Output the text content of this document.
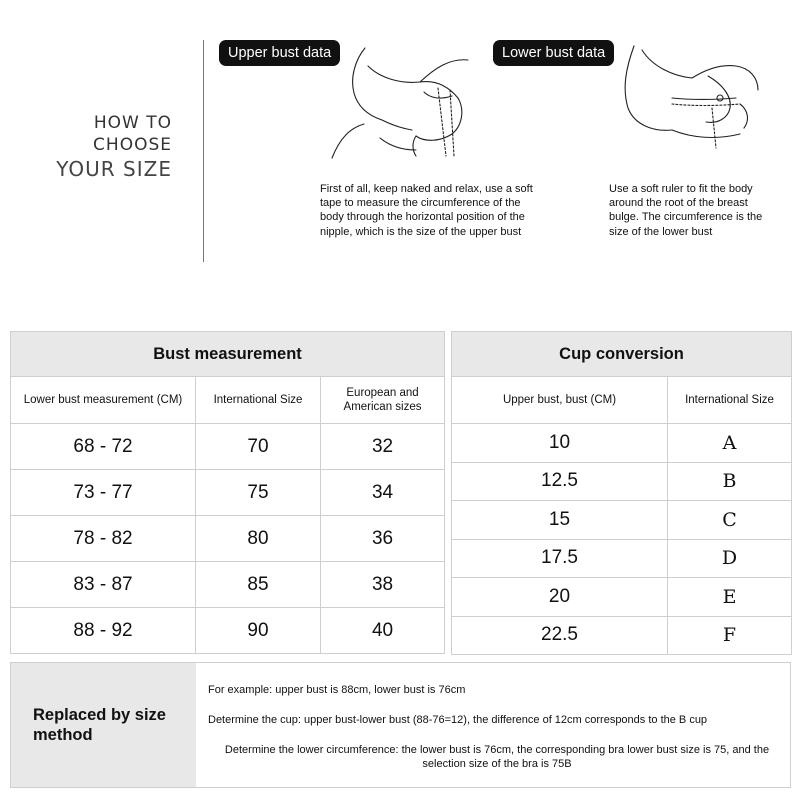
HOW TO
CHOOSE
YOUR SIZE
Upper bust data	Lower bust data
First of all, keep naked and relax, use a soft tape to measure the circumference of the body through the horizontal position of the nipple, which is the size of the upper bust
Use a soft ruler to fit the body around the root of the breast bulge. The circumference is the size of the lower bust
Bust measurement		
Lower bust measurement (CM)	International Size	European and American sizes
68 - 72	70	32
73 - 77	75	34
78 - 82	80	36
83 - 87	85	38
88 - 92	90	40
Cup conversion	
Upper bust, bust (CM)	International Size
10	A
12.5	B
15	C
17.5	D
20	E
22.5	F
Replaced by size method
For example: upper bust is 88cm, lower bust is 76cm
Determine the cup: upper bust-lower bust (88-76=12), the difference of 12cm corresponds to the B cup
Determine the lower circumference: the lower bust is 76cm, the corresponding bra lower bust size is 75, and the selection size of the bra is 75B
